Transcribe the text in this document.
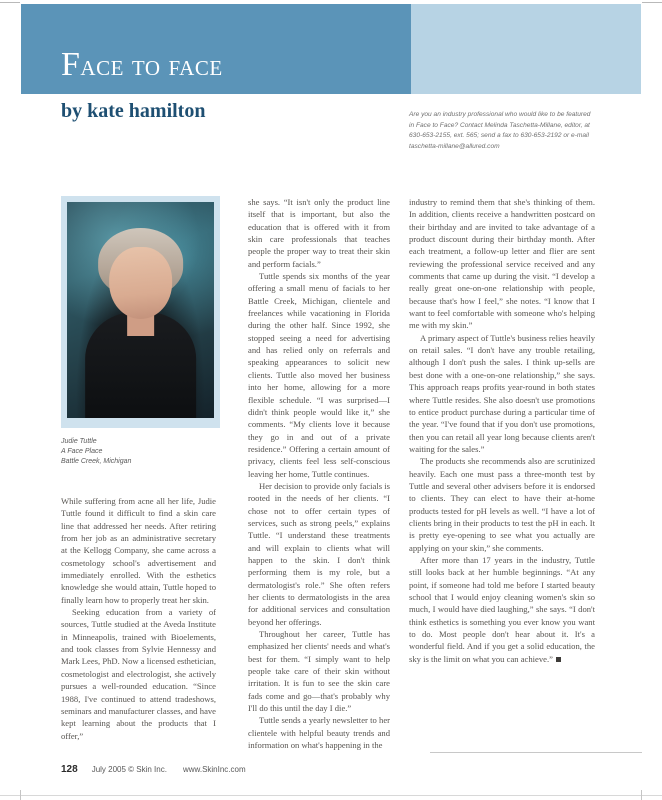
Face to face
by kate hamilton	Are you an industry professional who would like to be featured in Face to Face? Contact Melinda Taschetta-Millane, editor, at 630-653-2155, ext. 565; send a fax to 630-653-2192 or e-mail taschetta-millane@allured.com
Judie Tuttle
A Face Place
Battle Creek, Michigan

While suffering from acne all her life, Judie Tuttle found it difficult to find a skin care line that addressed her needs. After retiring from her job as an administrative secretary at the Kellogg Company, she came across a cosmetology school's advertisement and immediately enrolled. With the esthetics knowledge she would attain, Tuttle hoped to finally learn how to properly treat her skin.

Seeking education from a variety of sources, Tuttle studied at the Aveda Institute in Minneapolis, trained with Bioelements, and took classes from Sylvie Hennessy and Mark Lees, PhD. Now a licensed esthetician, cosmetologist and electrologist, she actively pursues a well-rounded education. “Since 1988, I've continued to attend tradeshows, seminars and manufacturer classes, and have kept learning about the products that I offer,”

she says. “It isn't only the product line itself that is important, but also the education that is offered with it from skin care professionals that teaches people the proper way to treat their skin and perform facials.”

Tuttle spends six months of the year offering a small menu of facials to her Battle Creek, Michigan, clientele and freelances while vacationing in Florida during the other half. Since 1992, she stopped seeing a need for advertising and has relied only on referrals and speaking appearances to solicit new clients. Tuttle also moved her business into her home, allowing for a more flexible schedule. “I was surprised—I didn't think people would like it,” she comments. “My clients love it because they go in and out of a private residence.” Offering a certain amount of privacy, clients feel less self-conscious leaving her home, Tuttle continues.

Her decision to provide only facials is rooted in the needs of her clients. “I chose not to offer certain types of services, such as strong peels,” explains Tuttle. “I understand these treatments and will explain to clients what will happen to the skin. I don't think performing them is my role, but a dermatologist's role.” She often refers her clients to dermatologists in the area for additional services and consultation beyond her offerings.

Throughout her career, Tuttle has emphasized her clients' needs and what's best for them. “I simply want to help people take care of their skin without irritation. It is fun to see the skin care fads come and go—that's probably why I'll do this until the day I die.”

Tuttle sends a yearly newsletter to her clientele with helpful beauty trends and information on what's happening in the

industry to remind them that she's thinking of them. In addition, clients receive a handwritten postcard on their birthday and are invited to take advantage of a product discount during their birthday month. After each treatment, a follow-up letter and flier are sent reviewing the professional service received and any comments that came up during the visit. “I develop a really great one-on-one relationship with people, because that's how I feel,” she notes. “I know that I want to feel comfortable with someone who's helping me with my skin.”

A primary aspect of Tuttle's business relies heavily on retail sales. “I don't have any trouble retailing, although I don't push the sales. I think up-sells are best done with a one-on-one relationship,” she says. This approach reaps profits year-round in both states where Tuttle resides. She also doesn't use promotions to entice product purchase during a particular time of the year. “I've found that if you don't use promotions, then you can retail all year long because clients aren't waiting for the sales.”

The products she recommends also are scrutinized heavily. Each one must pass a three-month test by Tuttle and several other advisers before it is endorsed to clients. They can elect to have their at-home products tested for pH levels as well. “I have a lot of clients bring in their products to test the pH in each. It is pretty eye-opening to see what you actually are applying on your skin,” she comments.

After more than 17 years in the industry, Tuttle still looks back at her humble beginnings. “At any point, if someone had told me before I started beauty school that I would enjoy cleaning women's skin so much, I would have died laughing,” she says. “I don't think esthetics is something you ever know you want to do. Most people don't hear about it. It's a wonderful field. And if you get a solid education, the sky is the limit on what you can achieve.”

128 July 2005 © Skin Inc. www.SkinInc.com
